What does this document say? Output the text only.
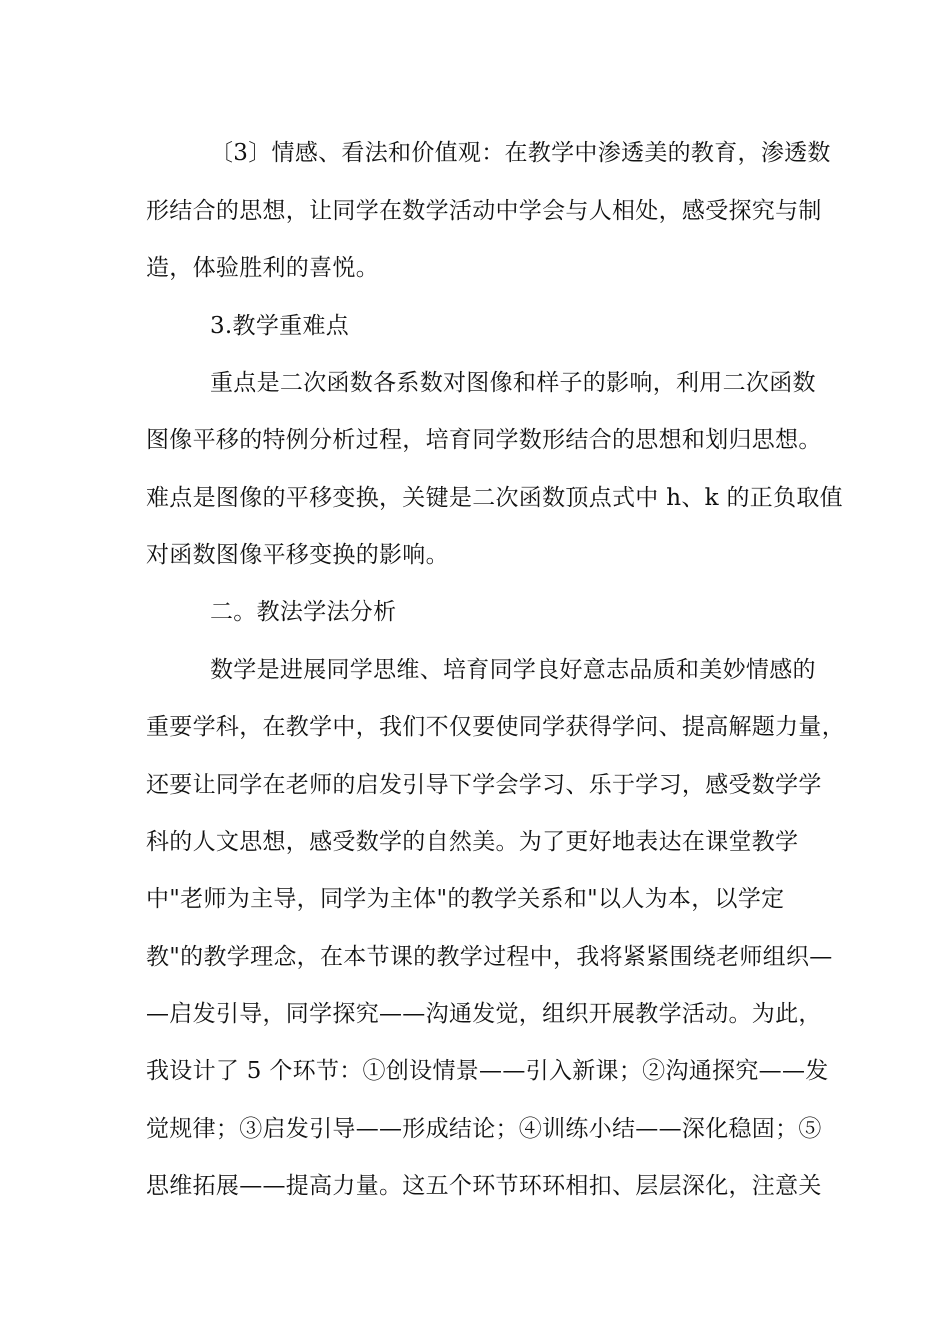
〔3〕情感、看法和价值观：在教学中渗透美的教育，渗透数
形结合的思想，让同学在数学活动中学会与人相处，感受探究与制
造，体验胜利的喜悦。
3.教学重难点
重点是二次函数各系数对图像和样子的影响，利用二次函数
图像平移的特例分析过程，培育同学数形结合的思想和划归思想。
难点是图像的平移变换，关键是二次函数顶点式中 h、k 的正负取值
对函数图像平移变换的影响。
二。教法学法分析
数学是进展同学思维、培育同学良好意志品质和美妙情感的
重要学科，在教学中，我们不仅要使同学获得学问、提高解题力量，
还要让同学在老师的启发引导下学会学习、乐于学习，感受数学学
科的人文思想，感受数学的自然美。为了更好地表达在课堂教学
中"老师为主导，同学为主体"的教学关系和"以人为本，以学定
教"的教学理念，在本节课的教学过程中，我将紧紧围绕老师组织—
—启发引导，同学探究——沟通发觉，组织开展教学活动。为此，
我设计了 5 个环节：①创设情景——引入新课；②沟通探究——发
觉规律；③启发引导——形成结论；④训练小结——深化稳固；⑤
思维拓展——提高力量。这五个环节环环相扣、层层深化，注意关
